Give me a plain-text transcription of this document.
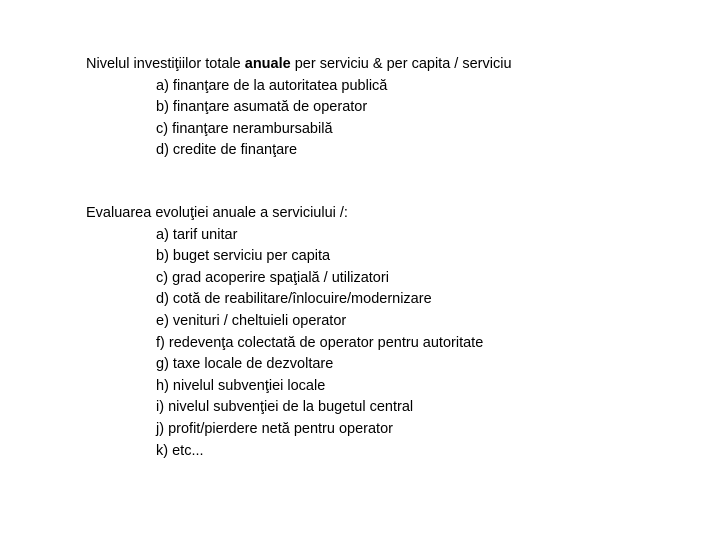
Nivelul investiţiilor totale anuale per serviciu & per capita / serviciu

a) finanţare de la autoritatea publică
b) finanţare asumată de operator
c) finanţare nerambursabilă
d) credite de finanţare

Evaluarea evoluţiei anuale a serviciului /:

a) tarif unitar
b) buget serviciu per capita
c) grad acoperire spaţială / utilizatori
d) cotă de reabilitare/înlocuire/modernizare
e) venituri / cheltuieli operator
f) redevenţa colectată de operator pentru autoritate
g) taxe locale de dezvoltare
h) nivelul subvenţiei locale
i) nivelul subvenţiei de la bugetul central
j) profit/pierdere netă pentru operator
k) etc...
